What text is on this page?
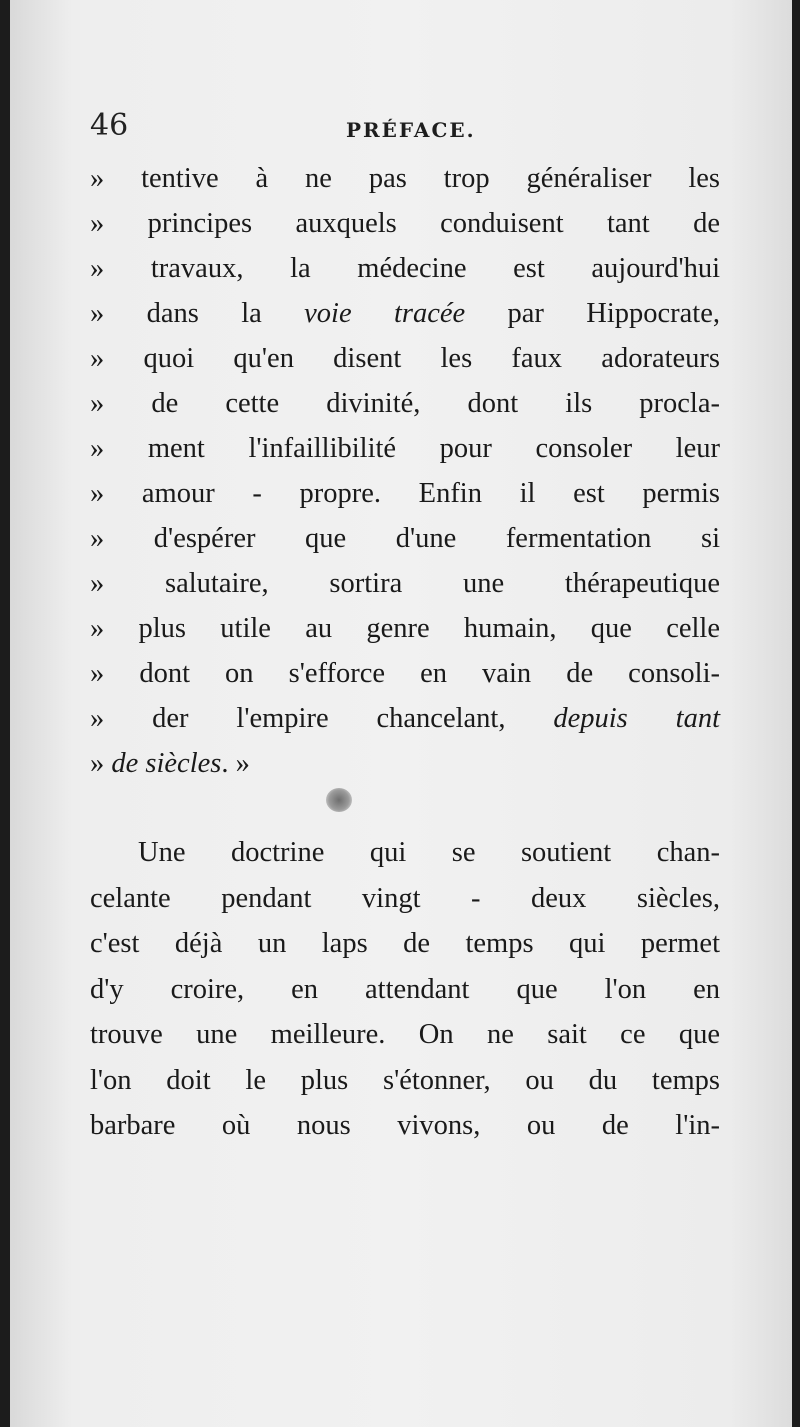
46	PRÉFACE.
» tentive à ne pas trop généraliser les
» principes auxquels conduisent tant de
» travaux, la médecine est aujourd'hui
» dans la voie tracée par Hippocrate,
» quoi qu'en disent les faux adorateurs
» de cette divinité, dont ils procla-
» ment l'infaillibilité pour consoler leur
» amour - propre. Enfin il est permis
» d'espérer que d'une fermentation si
» salutaire, sortira une thérapeutique
» plus utile au genre humain, que celle
» dont on s'efforce en vain de consoli-
» der l'empire chancelant, depuis tant
» de siècles. »
Une doctrine qui se soutient chan-
celante pendant vingt - deux siècles,
c'est déjà un laps de temps qui permet
d'y croire, en attendant que l'on en
trouve une meilleure. On ne sait ce que
l'on doit le plus s'étonner, ou du temps
barbare où nous vivons, ou de l'in-
